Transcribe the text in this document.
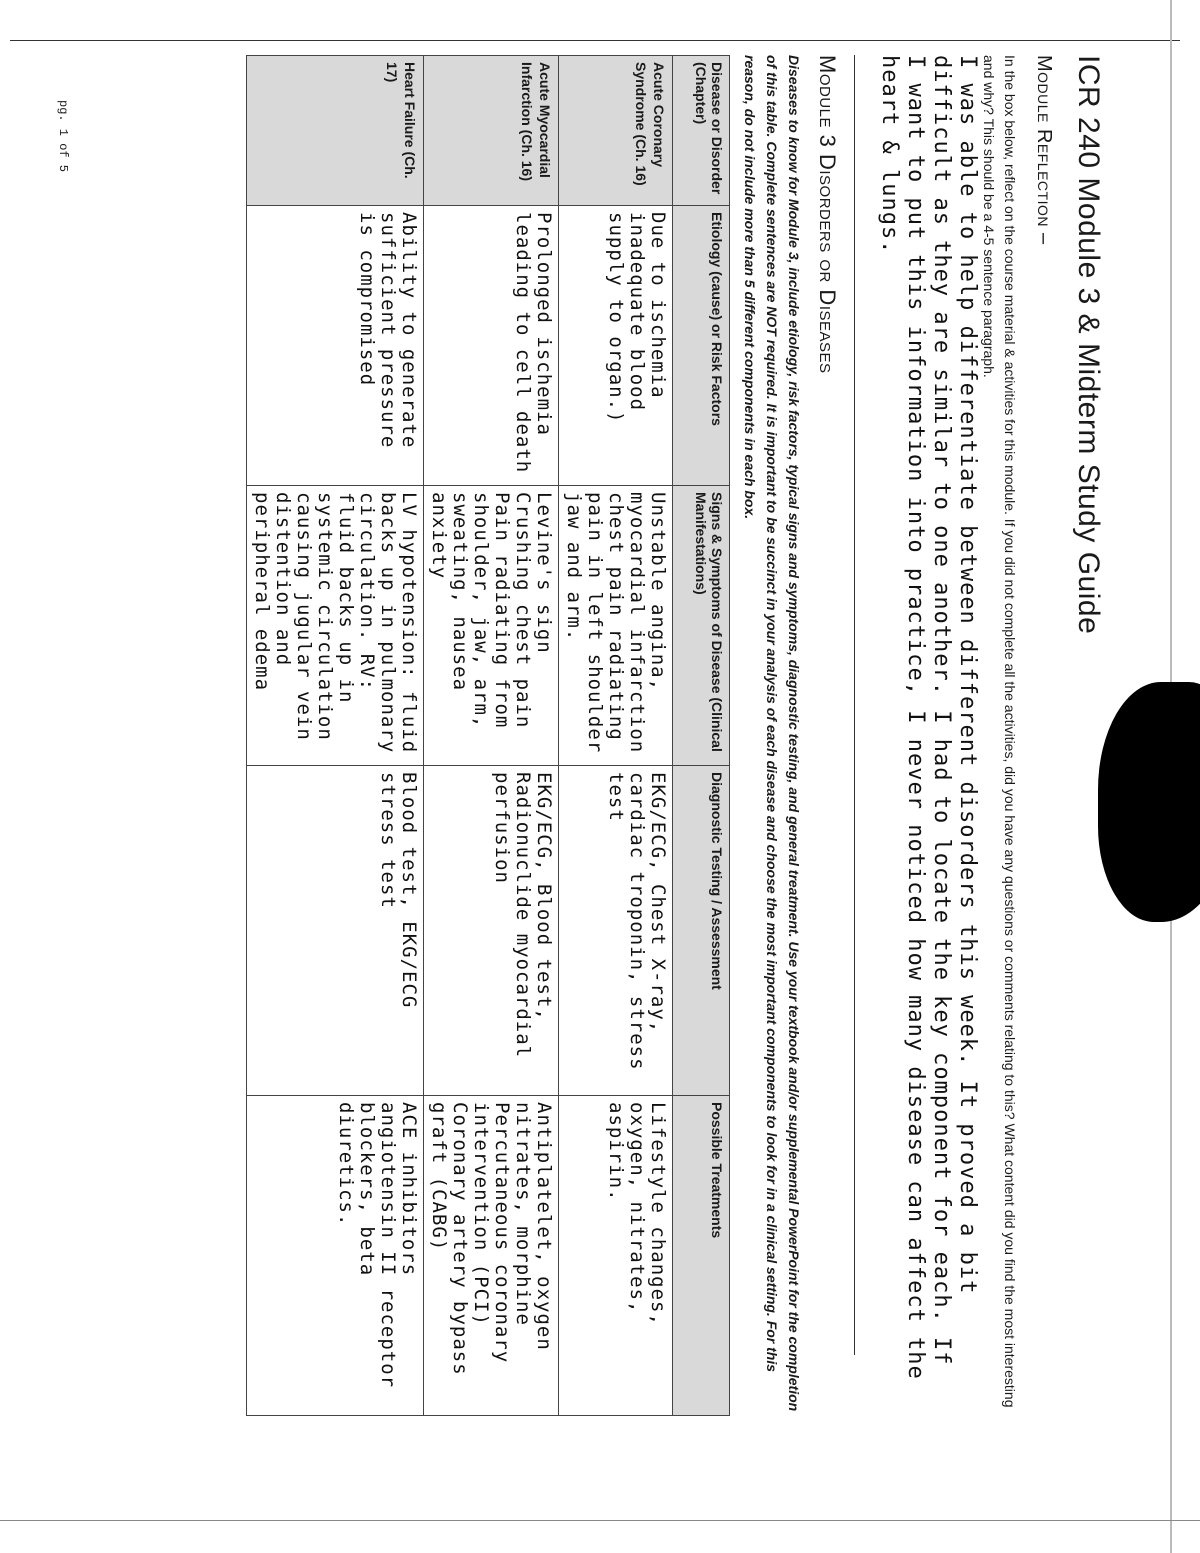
pg. 1 of 5	ICR 240 Module 3 & Midterm Study Guide
Module Reflection –
In the box below, reflect on the course material & activities for this module. If you did not complete all the activities, did you have any questions or comments relating to this? What content did you find the most interesting and why? This should be a 4-5 sentence paragraph.
I was able to help differentiate between different disorders this week. It proved a bit difficult as they are similar to one another. I had to locate the key component for each. If I want to put this information into practice, I never noticed how many disease can affect the heart & lungs.
Module 3 Disorders or Diseases
Diseases to know for Module 3, include etiology, risk factors, typical signs and symptoms, diagnostic testing, and general treatment. Use your textbook and/or supplemental PowerPoint for the completion of this table. Complete sentences are NOT required. It is important to be succinct in your analysis of each disease and choose the most important components to look for in a clinical setting. For this reason, do not include more than 5 different components in each box.
Disease or Disorder (Chapter)	Etiology (cause) or Risk Factors	Signs & Symptoms of Disease (Clinical Manifestations)	Diagnostic Testing / Assessment	Possible Treatments
Acute Coronary Syndrome (Ch. 16)	Due to ischemia inadequate blood supply to organ.)	Unstable angina, myocardial infarction chest pain radiating pain in left shoulder jaw and arm.	EKG/ECG, Chest X-ray, cardiac troponin, stress test	Lifestyle changes, oxygen, nitrates, aspirin.
Acute Myocardial Infarction (Ch. 16)	Prolonged ischemia leading to cell death	Levine's sign Crushing chest pain Pain radiating from shoulder, jaw, arm, sweating, nausea anxiety	EKG/ECG, Blood test, Radionuclide myocardial perfusion	Antiplatelet, oxygen nitrates, morphine Percutaneous coronary intervention (PCI) Coronary artery bypass graft (CABG)
Heart Failure (Ch. 17)	Ability to generate sufficient pressure is compromised	LV hypotension: fluid backs up in pulmonary circulation. RV: fluid backs up in systemic circulation causing jugular vein distention and peripheral edema	Blood test, EKG/ECG stress test	ACE inhibitors angiotensin II receptor blockers, beta diuretics.
